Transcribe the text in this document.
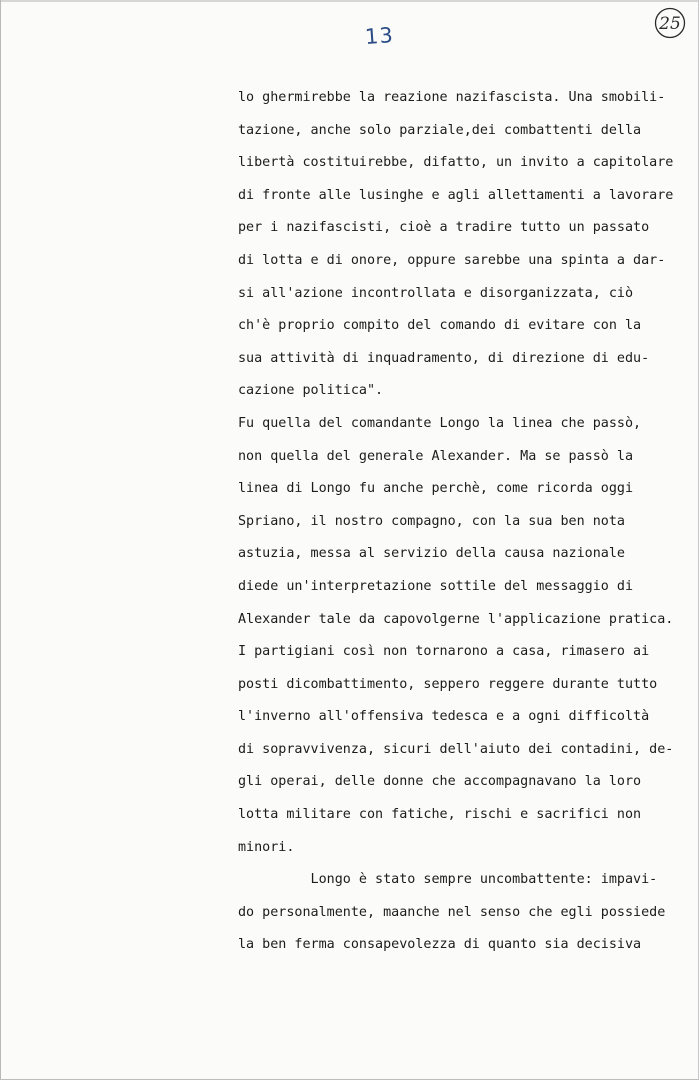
25
13
lo ghermirebbe la reazione nazifascista. Una smobili-
tazione, anche solo parziale,dei combattenti della
libertà costituirebbe, difatto, un invito a capitolare
di fronte alle lusinghe e agli allettamenti a lavorare
per i nazifascisti, cioè a tradire tutto un passato
di lotta e di onore, oppure sarebbe una spinta a dar-
si all'azione incontrollata e disorganizzata, ciò
ch'è proprio compito del comando di evitare con la
sua attività di inquadramento, di direzione di edu-
cazione politica".
Fu quella del comandante Longo la linea che passò,
non quella del generale Alexander. Ma se passò la
linea di Longo fu anche perchè, come ricorda oggi
Spriano, il nostro compagno, con la sua ben nota
astuzia, messa al servizio della causa nazionale
diede un'interpretazione sottile del messaggio di
Alexander tale da capovolgerne l'applicazione pratica.
I partigiani così non tornarono a casa, rimasero ai
posti dicombattimento, seppero reggere durante tutto
l'inverno all'offensiva tedesca e a ogni difficoltà
di sopravvivenza, sicuri dell'aiuto dei contadini, de-
gli operai, delle donne che accompagnavano la loro
lotta militare con fatiche, rischi e sacrifici non
minori.
Longo è stato sempre uncombattente: impavi-
do personalmente, maanche nel senso che egli possiede
la ben ferma consapevolezza di quanto sia decisiva
